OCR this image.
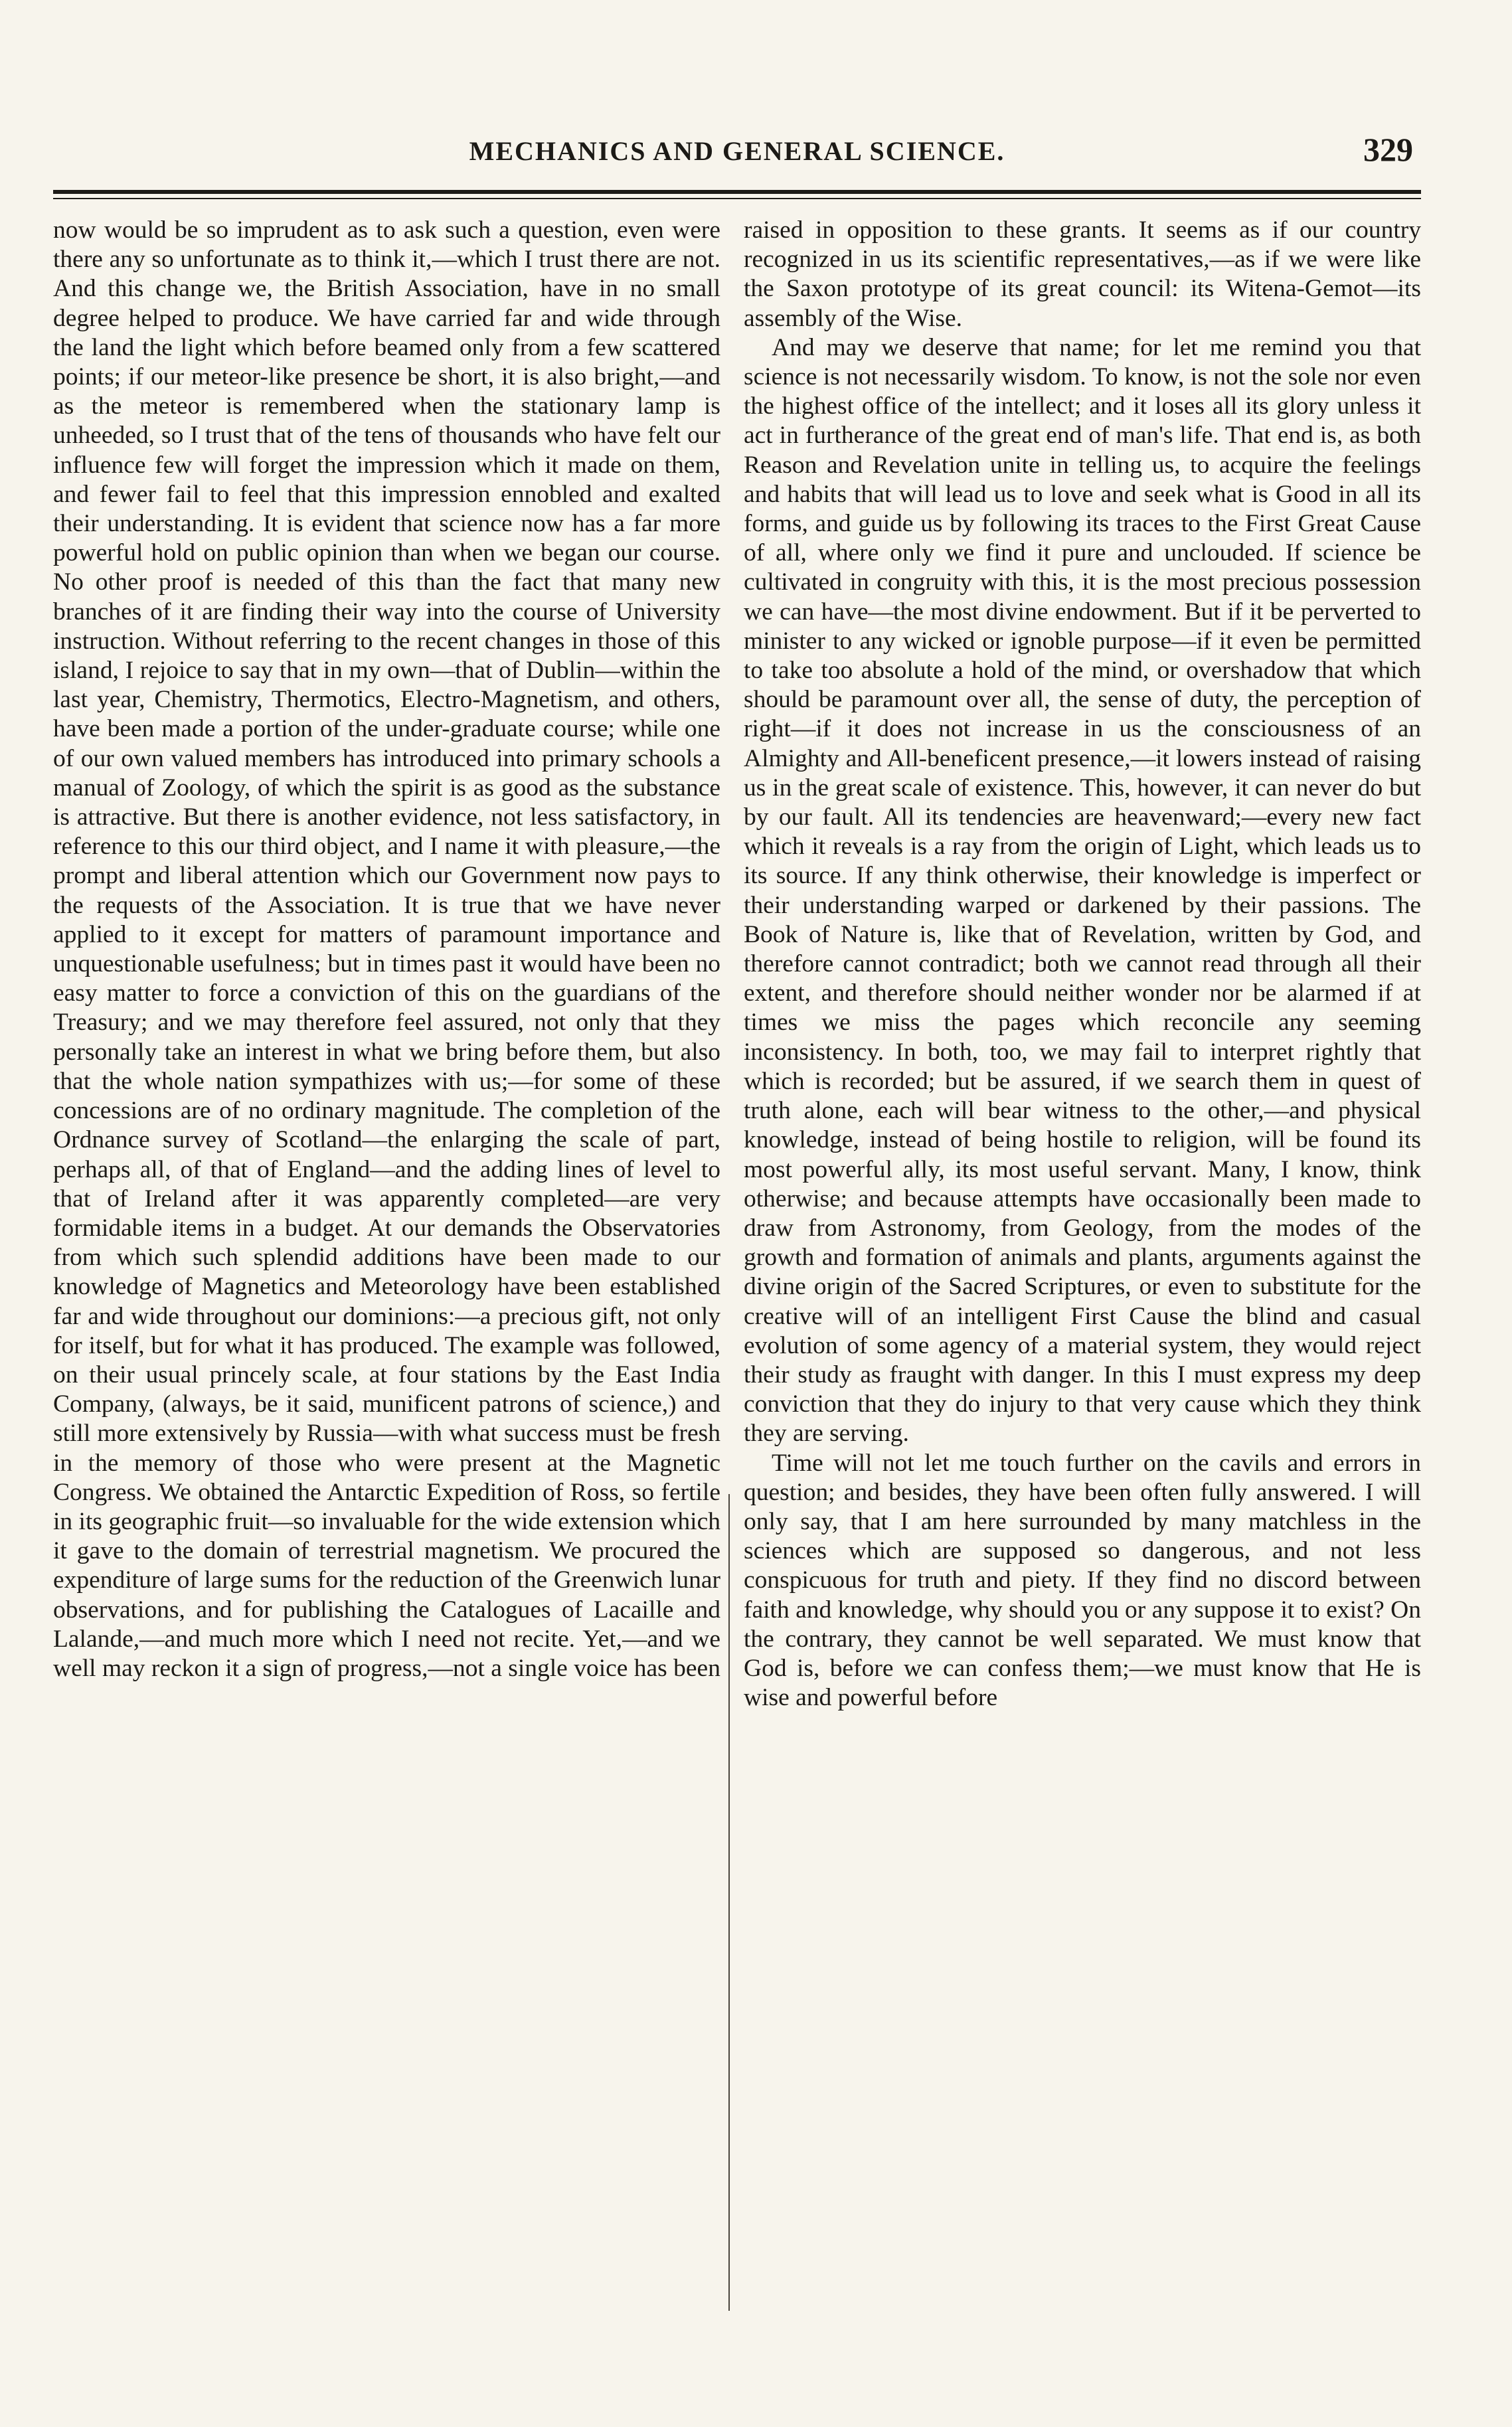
MECHANICS AND GENERAL SCIENCE.	329

now would be so imprudent as to ask such a question, even were there any so unfortunate as to think it,—which I trust there are not. And this change we, the British Association, have in no small degree helped to produce. We have carried far and wide through the land the light which before beamed only from a few scattered points; if our meteor-like presence be short, it is also bright,—and as the meteor is remembered when the stationary lamp is unheeded, so I trust that of the tens of thousands who have felt our influence few will forget the impression which it made on them, and fewer fail to feel that this impression ennobled and exalted their understanding. It is evident that science now has a far more powerful hold on public opinion than when we began our course. No other proof is needed of this than the fact that many new branches of it are finding their way into the course of University instruction. Without referring to the recent changes in those of this island, I rejoice to say that in my own—that of Dublin—within the last year, Chemistry, Thermotics, Electro-Magnetism, and others, have been made a portion of the under-graduate course; while one of our own valued members has introduced into primary schools a manual of Zoology, of which the spirit is as good as the substance is attractive. But there is another evidence, not less satisfactory, in reference to this our third object, and I name it with pleasure,—the prompt and liberal attention which our Government now pays to the requests of the Association. It is true that we have never applied to it except for matters of paramount importance and unquestionable usefulness; but in times past it would have been no easy matter to force a conviction of this on the guardians of the Treasury; and we may therefore feel assured, not only that they personally take an interest in what we bring before them, but also that the whole nation sympathizes with us;—for some of these concessions are of no ordinary magnitude. The completion of the Ordnance survey of Scotland—the enlarging the scale of part, perhaps all, of that of England—and the adding lines of level to that of Ireland after it was apparently completed—are very formidable items in a budget. At our demands the Observatories from which such splendid additions have been made to our knowledge of Magnetics and Meteorology have been established far and wide throughout our dominions:—a precious gift, not only for itself, but for what it has produced. The example was followed, on their usual princely scale, at four stations by the East India Company, (always, be it said, munificent patrons of science,) and still more extensively by Russia—with what success must be fresh in the memory of those who were present at the Magnetic Congress. We obtained the Antarctic Expedition of Ross, so fertile in its geographic fruit—so invaluable for the wide extension which it gave to the domain of terrestrial magnetism. We procured the expenditure of large sums for the reduction of the Greenwich lunar observations, and for publishing the Catalogues of Lacaille and Lalande,—and much more which I need not recite. Yet,—and we well may reckon it a sign of progress,—not a single voice has been

raised in opposition to these grants. It seems as if our country recognized in us its scientific representatives,—as if we were like the Saxon prototype of its great council: its Witena-Gemot—its assembly of the Wise.

And may we deserve that name; for let me remind you that science is not necessarily wisdom. To know, is not the sole nor even the highest office of the intellect; and it loses all its glory unless it act in furtherance of the great end of man's life. That end is, as both Reason and Revelation unite in telling us, to acquire the feelings and habits that will lead us to love and seek what is Good in all its forms, and guide us by following its traces to the First Great Cause of all, where only we find it pure and unclouded. If science be cultivated in congruity with this, it is the most precious possession we can have—the most divine endowment. But if it be perverted to minister to any wicked or ignoble purpose—if it even be permitted to take too absolute a hold of the mind, or overshadow that which should be paramount over all, the sense of duty, the perception of right—if it does not increase in us the consciousness of an Almighty and All-beneficent presence,—it lowers instead of raising us in the great scale of existence. This, however, it can never do but by our fault. All its tendencies are heavenward;—every new fact which it reveals is a ray from the origin of Light, which leads us to its source. If any think otherwise, their knowledge is imperfect or their understanding warped or darkened by their passions. The Book of Nature is, like that of Revelation, written by God, and therefore cannot contradict; both we cannot read through all their extent, and therefore should neither wonder nor be alarmed if at times we miss the pages which reconcile any seeming inconsistency. In both, too, we may fail to interpret rightly that which is recorded; but be assured, if we search them in quest of truth alone, each will bear witness to the other,—and physical knowledge, instead of being hostile to religion, will be found its most powerful ally, its most useful servant. Many, I know, think otherwise; and because attempts have occasionally been made to draw from Astronomy, from Geology, from the modes of the growth and formation of animals and plants, arguments against the divine origin of the Sacred Scriptures, or even to substitute for the creative will of an intelligent First Cause the blind and casual evolution of some agency of a material system, they would reject their study as fraught with danger. In this I must express my deep conviction that they do injury to that very cause which they think they are serving.

Time will not let me touch further on the cavils and errors in question; and besides, they have been often fully answered. I will only say, that I am here surrounded by many matchless in the sciences which are supposed so dangerous, and not less conspicuous for truth and piety. If they find no discord between faith and knowledge, why should you or any suppose it to exist? On the contrary, they cannot be well separated. We must know that God is, before we can confess them;—we must know that He is wise and powerful before
